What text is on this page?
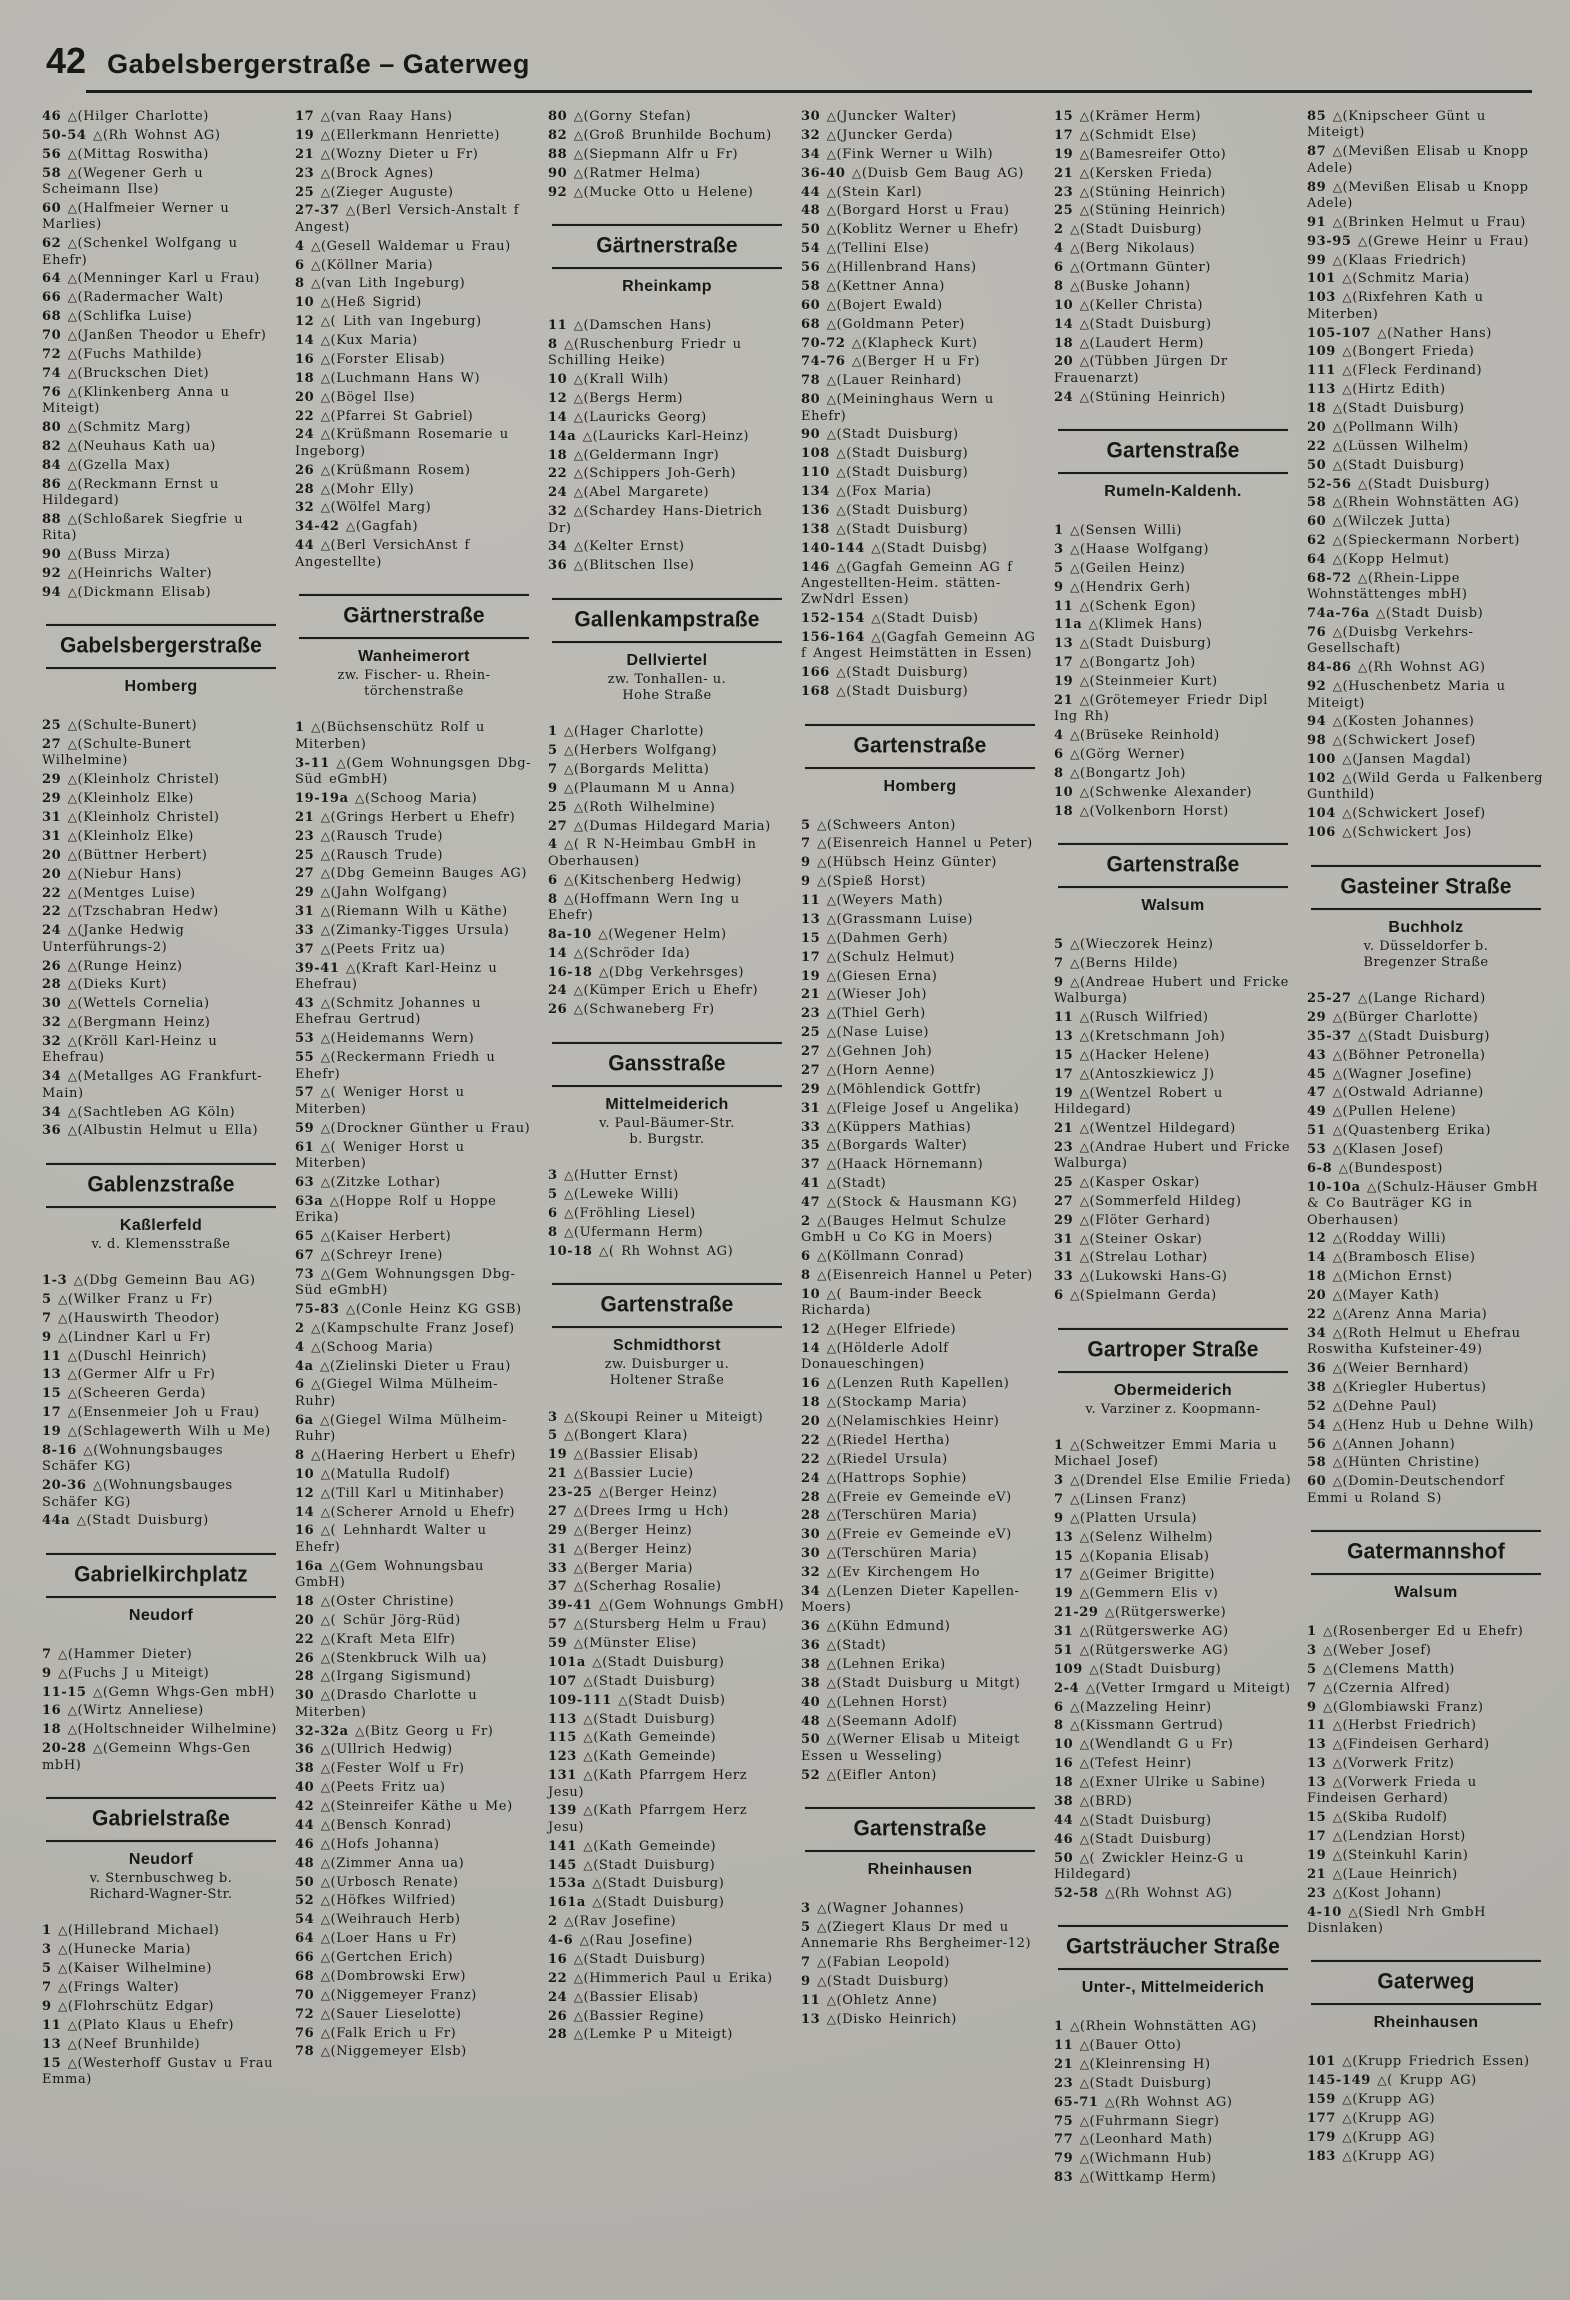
42 Gabelsbergerstraße – Gaterweg
46 △(Hilger Charlotte)
50-54 △(Rh Wohnst AG)
56 △(Mittag Roswitha)
58 △(Wegener Gerh u Scheimann Ilse)
60 △(Halfmeier Werner u Marlies)
62 △(Schenkel Wolfgang u Ehefr)
64 △(Menninger Karl u Frau)
66 △(Radermacher Walt)
68 △(Schlifka Luise)
70 △(Janßen Theodor u Ehefr)
72 △(Fuchs Mathilde)
74 △(Bruckschen Diet)
76 △(Klinkenberg Anna u Miteigt)
80 △(Schmitz Marg)
82 △(Neuhaus Kath ua)
84 △(Gzella Max)
86 △(Reckmann Ernst u Hildegard)
88 △(Schloßarek Siegfrie u Rita)
90 △(Buss Mirza)
92 △(Heinrichs Walter)
94 △(Dickmann Elisab)
Gabelsbergerstraße
Homberg
25 △(Schulte-Bunert)
27 △(Schulte-Bunert Wilhelmine)
29 △(Kleinholz Christel)
29 △(Kleinholz Elke)
31 △(Kleinholz Christel)
31 △(Kleinholz Elke)
20 △(Büttner Herbert)
20 △(Niebur Hans)
22 △(Mentges Luise)
22 △(Tzschabran Hedw)
24 △(Janke Hedwig Unterführungs-2)
26 △(Runge Heinz)
28 △(Dieks Kurt)
30 △(Wettels Cornelia)
32 △(Bergmann Heinz)
32 △(Kröll Karl-Heinz u Ehefrau)
34 △(Metallges AG Frankfurt-Main)
34 △(Sachtleben AG Köln)
36 △(Albustin Helmut u Ella)
Gablenzstraße
Kaßlerfeld
v. d. Klemensstraße
1-3 △(Dbg Gemeinn Bau AG)
5 △(Wilker Franz u Fr)
7 △(Hauswirth Theodor)
9 △(Lindner Karl u Fr)
11 △(Duschl Heinrich)
13 △(Germer Alfr u Fr)
15 △(Scheeren Gerda)
17 △(Ensenmeier Joh u Frau)
19 △(Schlagewerth Wilh u Me)
8-16 △(Wohnungsbauges Schäfer KG)
20-36 △(Wohnungsbauges Schäfer KG)
44a △(Stadt Duisburg)
Gabrielkirchplatz
Neudorf
7 △(Hammer Dieter)
9 △(Fuchs J u Miteigt)
11-15 △(Gemn Whgs-Gen mbH)
16 △(Wirtz Anneliese)
18 △(Holtschneider Wilhelmine)
20-28 △(Gemeinn Whgs-Gen mbH)
Gabrielstraße
Neudorf
v. Sternbuschweg b.
Richard-Wagner-Str.
1 △(Hillebrand Michael)
3 △(Hunecke Maria)
5 △(Kaiser Wilhelmine)
7 △(Frings Walter)
9 △(Flohrschütz Edgar)
11 △(Plato Klaus u Ehefr)
13 △(Neef Brunhilde)
15 △(Westerhoff Gustav u Frau Emma)
17 △(van Raay Hans)
19 △(Ellerkmann Henriette)
21 △(Wozny Dieter u Fr)
23 △(Brock Agnes)
25 △(Zieger Auguste)
27-37 △(Berl Versich-Anstalt f Angest)
4 △(Gesell Waldemar u Frau)
6 △(Köllner Maria)
8 △(van Lith Ingeburg)
10 △(Heß Sigrid)
12 △( Lith van Ingeburg)
14 △(Kux Maria)
16 △(Forster Elisab)
18 △(Luchmann Hans W)
20 △(Bögel Ilse)
22 △(Pfarrei St Gabriel)
24 △(Krüßmann Rosemarie u Ingeborg)
26 △(Krüßmann Rosem)
28 △(Mohr Elly)
32 △(Wölfel Marg)
34-42 △(Gagfah)
44 △(Berl VersichAnst f Angestellte)
Gärtnerstraße
Wanheimerort
zw. Fischer- u. Rhein-
törchenstraße
1 △(Büchsenschütz Rolf u Miterben)
3-11 △(Gem Wohnungsgen Dbg-Süd eGmbH)
19-19a △(Schoog Maria)
21 △(Grings Herbert u Ehefr)
23 △(Rausch Trude)
25 △(Rausch Trude)
27 △(Dbg Gemeinn Bauges AG)
29 △(Jahn Wolfgang)
31 △(Riemann Wilh u Käthe)
33 △(Zimanky-Tigges Ursula)
37 △(Peets Fritz ua)
39-41 △(Kraft Karl-Heinz u Ehefrau)
43 △(Schmitz Johannes u Ehefrau Gertrud)
53 △(Heidemanns Wern)
55 △(Reckermann Friedh u Ehefr)
57 △( Weniger Horst u Miterben)
59 △(Drockner Günther u Frau)
61 △( Weniger Horst u Miterben)
63 △(Zitzke Lothar)
63a △(Hoppe Rolf u Hoppe Erika)
65 △(Kaiser Herbert)
67 △(Schreyr Irene)
73 △(Gem Wohnungsgen Dbg-Süd eGmbH)
75-83 △(Conle Heinz KG GSB)
2 △(Kampschulte Franz Josef)
4 △(Schoog Maria)
4a △(Zielinski Dieter u Frau)
6 △(Giegel Wilma Mülheim-Ruhr)
6a △(Giegel Wilma Mülheim-Ruhr)
8 △(Haering Herbert u Ehefr)
10 △(Matulla Rudolf)
12 △(Till Karl u Mitinhaber)
14 △(Scherer Arnold u Ehefr)
16 △( Lehnhardt Walter u Ehefr)
16a △(Gem Wohnungsbau GmbH)
18 △(Oster Christine)
20 △( Schür Jörg-Rüd)
22 △(Kraft Meta Elfr)
26 △(Stenkbruck Wilh ua)
28 △(Irgang Sigismund)
30 △(Drasdo Charlotte u Miterben)
32-32a △(Bitz Georg u Fr)
36 △(Ullrich Hedwig)
38 △(Fester Wolf u Fr)
40 △(Peets Fritz ua)
42 △(Steinreifer Käthe u Me)
44 △(Bensch Konrad)
46 △(Hofs Johanna)
48 △(Zimmer Anna ua)
50 △(Urbosch Renate)
52 △(Höfkes Wilfried)
54 △(Weihrauch Herb)
64 △(Loer Hans u Fr)
66 △(Gertchen Erich)
68 △(Dombrowski Erw)
70 △(Niggemeyer Franz)
72 △(Sauer Lieselotte)
76 △(Falk Erich u Fr)
78 △(Niggemeyer Elsb)
80 △(Gorny Stefan)
82 △(Groß Brunhilde Bochum)
88 △(Siepmann Alfr u Fr)
90 △(Ratmer Helma)
92 △(Mucke Otto u Helene)
Gärtnerstraße
Rheinkamp
11 △(Damschen Hans)
8 △(Ruschenburg Friedr u Schilling Heike)
10 △(Krall Wilh)
12 △(Bergs Herm)
14 △(Lauricks Georg)
14a △(Lauricks Karl-Heinz)
18 △(Geldermann Ingr)
22 △(Schippers Joh-Gerh)
24 △(Abel Margarete)
32 △(Schardey Hans-Dietrich Dr)
34 △(Kelter Ernst)
36 △(Blitschen Ilse)
Gallenkampstraße
Dellviertel
zw. Tonhallen- u.
Hohe Straße
1 △(Hager Charlotte)
5 △(Herbers Wolfgang)
7 △(Borgards Melitta)
9 △(Plaumann M u Anna)
25 △(Roth Wilhelmine)
27 △(Dumas Hildegard Maria)
4 △( R N-Heimbau GmbH in Oberhausen)
6 △(Kitschenberg Hedwig)
8 △(Hoffmann Wern Ing u Ehefr)
8a-10 △(Wegener Helm)
14 △(Schröder Ida)
16-18 △(Dbg Verkehrsges)
24 △(Kümper Erich u Ehefr)
26 △(Schwaneberg Fr)
Gansstraße
Mittelmeiderich
v. Paul-Bäumer-Str.
b. Burgstr.
3 △(Hutter Ernst)
5 △(Leweke Willi)
6 △(Fröhling Liesel)
8 △(Ufermann Herm)
10-18 △( Rh Wohnst AG)
Gartenstraße
Schmidthorst
zw. Duisburger u.
Holtener Straße
3 △(Skoupi Reiner u Miteigt)
5 △(Bongert Klara)
19 △(Bassier Elisab)
21 △(Bassier Lucie)
23-25 △(Berger Heinz)
27 △(Drees Irmg u Hch)
29 △(Berger Heinz)
31 △(Berger Heinz)
33 △(Berger Maria)
37 △(Scherhag Rosalie)
39-41 △(Gem Wohnungs GmbH)
57 △(Stursberg Helm u Frau)
59 △(Münster Elise)
101a △(Stadt Duisburg)
107 △(Stadt Duisburg)
109-111 △(Stadt Duisb)
113 △(Stadt Duisburg)
115 △(Kath Gemeinde)
123 △(Kath Gemeinde)
131 △(Kath Pfarrgem Herz Jesu)
139 △(Kath Pfarrgem Herz Jesu)
141 △(Kath Gemeinde)
145 △(Stadt Duisburg)
153a △(Stadt Duisburg)
161a △(Stadt Duisburg)
2 △(Rav Josefine)
4-6 △(Rau Josefine)
16 △(Stadt Duisburg)
22 △(Himmerich Paul u Erika)
24 △(Bassier Elisab)
26 △(Bassier Regine)
28 △(Lemke P u Miteigt)
30 △(Juncker Walter)
32 △(Juncker Gerda)
34 △(Fink Werner u Wilh)
36-40 △(Duisb Gem Baug AG)
44 △(Stein Karl)
48 △(Borgard Horst u Frau)
50 △(Koblitz Werner u Ehefr)
54 △(Tellini Else)
56 △(Hillenbrand Hans)
58 △(Kettner Anna)
60 △(Bojert Ewald)
68 △(Goldmann Peter)
70-72 △(Klapheck Kurt)
74-76 △(Berger H u Fr)
78 △(Lauer Reinhard)
80 △(Meininghaus Wern u Ehefr)
90 △(Stadt Duisburg)
108 △(Stadt Duisburg)
110 △(Stadt Duisburg)
134 △(Fox Maria)
136 △(Stadt Duisburg)
138 △(Stadt Duisburg)
140-144 △(Stadt Duisbg)
146 △(Gagfah Gemeinn AG f Angestellten-Heim. stätten-ZwNdrl Essen)
152-154 △(Stadt Duisb)
156-164 △(Gagfah Gemeinn AG f Angest Heimstätten in Essen)
166 △(Stadt Duisburg)
168 △(Stadt Duisburg)
Gartenstraße
Homberg
5 △(Schweers Anton)
7 △(Eisenreich Hannel u Peter)
9 △(Hübsch Heinz Günter)
9 △(Spieß Horst)
11 △(Weyers Math)
13 △(Grassmann Luise)
15 △(Dahmen Gerh)
17 △(Schulz Helmut)
19 △(Giesen Erna)
21 △(Wieser Joh)
23 △(Thiel Gerh)
25 △(Nase Luise)
27 △(Gehnen Joh)
27 △(Horn Aenne)
29 △(Möhlendick Gottfr)
31 △(Fleige Josef u Angelika)
33 △(Küppers Mathias)
35 △(Borgards Walter)
37 △(Haack Hörnemann)
41 △(Stadt)
47 △(Stock & Hausmann KG)
2 △(Bauges Helmut Schulze GmbH u Co KG in Moers)
6 △(Köllmann Conrad)
8 △(Eisenreich Hannel u Peter)
10 △( Baum-inder Beeck Richarda)
12 △(Heger Elfriede)
14 △(Hölderle Adolf Donaueschingen)
16 △(Lenzen Ruth Kapellen)
18 △(Stockamp Maria)
20 △(Nelamischkies Heinr)
22 △(Riedel Hertha)
22 △(Riedel Ursula)
24 △(Hattrops Sophie)
28 △(Freie ev Gemeinde eV)
28 △(Terschüren Maria)
30 △(Freie ev Gemeinde eV)
30 △(Terschüren Maria)
32 △(Ev Kirchengem Ho
34 △(Lenzen Dieter Kapellen-Moers)
36 △(Kühn Edmund)
36 △(Stadt)
38 △(Lehnen Erika)
38 △(Stadt Duisburg u Mitgt)
40 △(Lehnen Horst)
48 △(Seemann Adolf)
50 △(Werner Elisab u Miteigt Essen u Wesseling)
52 △(Eifler Anton)
Gartenstraße
Rheinhausen
3 △(Wagner Johannes)
5 △(Ziegert Klaus Dr med u Annemarie Rhs Bergheimer-12)
7 △(Fabian Leopold)
9 △(Stadt Duisburg)
11 △(Ohletz Anne)
13 △(Disko Heinrich)
15 △(Krämer Herm)
17 △(Schmidt Else)
19 △(Bamesreifer Otto)
21 △(Kersken Frieda)
23 △(Stüning Heinrich)
25 △(Stüning Heinrich)
2 △(Stadt Duisburg)
4 △(Berg Nikolaus)
6 △(Ortmann Günter)
8 △(Buske Johann)
10 △(Keller Christa)
14 △(Stadt Duisburg)
18 △(Laudert Herm)
20 △(Tübben Jürgen Dr Frauenarzt)
24 △(Stüning Heinrich)
Gartenstraße
Rumeln-Kaldenh.
1 △(Sensen Willi)
3 △(Haase Wolfgang)
5 △(Geilen Heinz)
9 △(Hendrix Gerh)
11 △(Schenk Egon)
11a △(Klimek Hans)
13 △(Stadt Duisburg)
17 △(Bongartz Joh)
19 △(Steinmeier Kurt)
21 △(Grötemeyer Friedr Dipl Ing Rh)
4 △(Brüseke Reinhold)
6 △(Görg Werner)
8 △(Bongartz Joh)
10 △(Schwenke Alexander)
18 △(Volkenborn Horst)
Gartenstraße
Walsum
5 △(Wieczorek Heinz)
7 △(Berns Hilde)
9 △(Andreae Hubert und Fricke Walburga)
11 △(Rusch Wilfried)
13 △(Kretschmann Joh)
15 △(Hacker Helene)
17 △(Antoszkiewicz J)
19 △(Wentzel Robert u Hildegard)
21 △(Wentzel Hildegard)
23 △(Andrae Hubert und Fricke Walburga)
25 △(Kasper Oskar)
27 △(Sommerfeld Hildeg)
29 △(Flöter Gerhard)
31 △(Steiner Oskar)
31 △(Strelau Lothar)
33 △(Lukowski Hans-G)
6 △(Spielmann Gerda)
Gartroper Straße
Obermeiderich
v. Varziner z. Koopmann-
1 △(Schweitzer Emmi Maria u Michael Josef)
3 △(Drendel Else Emilie Frieda)
7 △(Linsen Franz)
9 △(Platten Ursula)
13 △(Selenz Wilhelm)
15 △(Kopania Elisab)
17 △(Geimer Brigitte)
19 △(Gemmern Elis v)
21-29 △(Rütgerswerke)
31 △(Rütgerswerke AG)
51 △(Rütgerswerke AG)
109 △(Stadt Duisburg)
2-4 △(Vetter Irmgard u Miteigt)
6 △(Mazzeling Heinr)
8 △(Kissmann Gertrud)
10 △(Wendlandt G u Fr)
16 △(Tefest Heinr)
18 △(Exner Ulrike u Sabine)
38 △(BRD)
44 △(Stadt Duisburg)
46 △(Stadt Duisburg)
50 △( Zwickler Heinz-G u Hildegard)
52-58 △(Rh Wohnst AG)
Gartsträucher Straße
Unter-, Mittelmeiderich
1 △(Rhein Wohnstätten AG)
11 △(Bauer Otto)
21 △(Kleinrensing H)
23 △(Stadt Duisburg)
65-71 △(Rh Wohnst AG)
75 △(Fuhrmann Siegr)
77 △(Leonhard Math)
79 △(Wichmann Hub)
83 △(Wittkamp Herm)
85 △(Knipscheer Günt u Miteigt)
87 △(Mevißen Elisab u Knopp Adele)
89 △(Mevißen Elisab u Knopp Adele)
91 △(Brinken Helmut u Frau)
93-95 △(Grewe Heinr u Frau)
99 △(Klaas Friedrich)
101 △(Schmitz Maria)
103 △(Rixfehren Kath u Miterben)
105-107 △(Nather Hans)
109 △(Bongert Frieda)
111 △(Fleck Ferdinand)
113 △(Hirtz Edith)
18 △(Stadt Duisburg)
20 △(Pollmann Wilh)
22 △(Lüssen Wilhelm)
50 △(Stadt Duisburg)
52-56 △(Stadt Duisburg)
58 △(Rhein Wohnstätten AG)
60 △(Wilczek Jutta)
62 △(Spieckermann Norbert)
64 △(Kopp Helmut)
68-72 △(Rhein-Lippe Wohnstättenges mbH)
74a-76a △(Stadt Duisb)
76 △(Duisbg Verkehrs-Gesellschaft)
84-86 △(Rh Wohnst AG)
92 △(Huschenbetz Maria u Miteigt)
94 △(Kosten Johannes)
98 △(Schwickert Josef)
100 △(Jansen Magdal)
102 △(Wild Gerda u Falkenberg Gunthild)
104 △(Schwickert Josef)
106 △(Schwickert Jos)
Gasteiner Straße
Buchholz
v. Düsseldorfer b.
Bregenzer Straße
25-27 △(Lange Richard)
29 △(Bürger Charlotte)
35-37 △(Stadt Duisburg)
43 △(Böhner Petronella)
45 △(Wagner Josefine)
47 △(Ostwald Adrianne)
49 △(Pullen Helene)
51 △(Quastenberg Erika)
53 △(Klasen Josef)
6-8 △(Bundespost)
10-10a △(Schulz-Häuser GmbH & Co Bauträger KG in Oberhausen)
12 △(Rodday Willi)
14 △(Brambosch Elise)
18 △(Michon Ernst)
20 △(Mayer Kath)
22 △(Arenz Anna Maria)
34 △(Roth Helmut u Ehefrau Roswitha Kufsteiner-49)
36 △(Weier Bernhard)
38 △(Kriegler Hubertus)
52 △(Dehne Paul)
54 △(Henz Hub u Dehne Wilh)
56 △(Annen Johann)
58 △(Hünten Christine)
60 △(Domin-Deutschendorf Emmi u Roland S)
Gatermannshof
Walsum
1 △(Rosenberger Ed u Ehefr)
3 △(Weber Josef)
5 △(Clemens Matth)
7 △(Czernia Alfred)
9 △(Glombiawski Franz)
11 △(Herbst Friedrich)
13 △(Findeisen Gerhard)
13 △(Vorwerk Fritz)
13 △(Vorwerk Frieda u Findeisen Gerhard)
15 △(Skiba Rudolf)
17 △(Lendzian Horst)
19 △(Steinkuhl Karin)
21 △(Laue Heinrich)
23 △(Kost Johann)
4-10 △(Siedl Nrh GmbH Disnlaken)
Gaterweg
Rheinhausen
101 △(Krupp Friedrich Essen)
145-149 △( Krupp AG)
159 △(Krupp AG)
177 △(Krupp AG)
179 △(Krupp AG)
183 △(Krupp AG)
